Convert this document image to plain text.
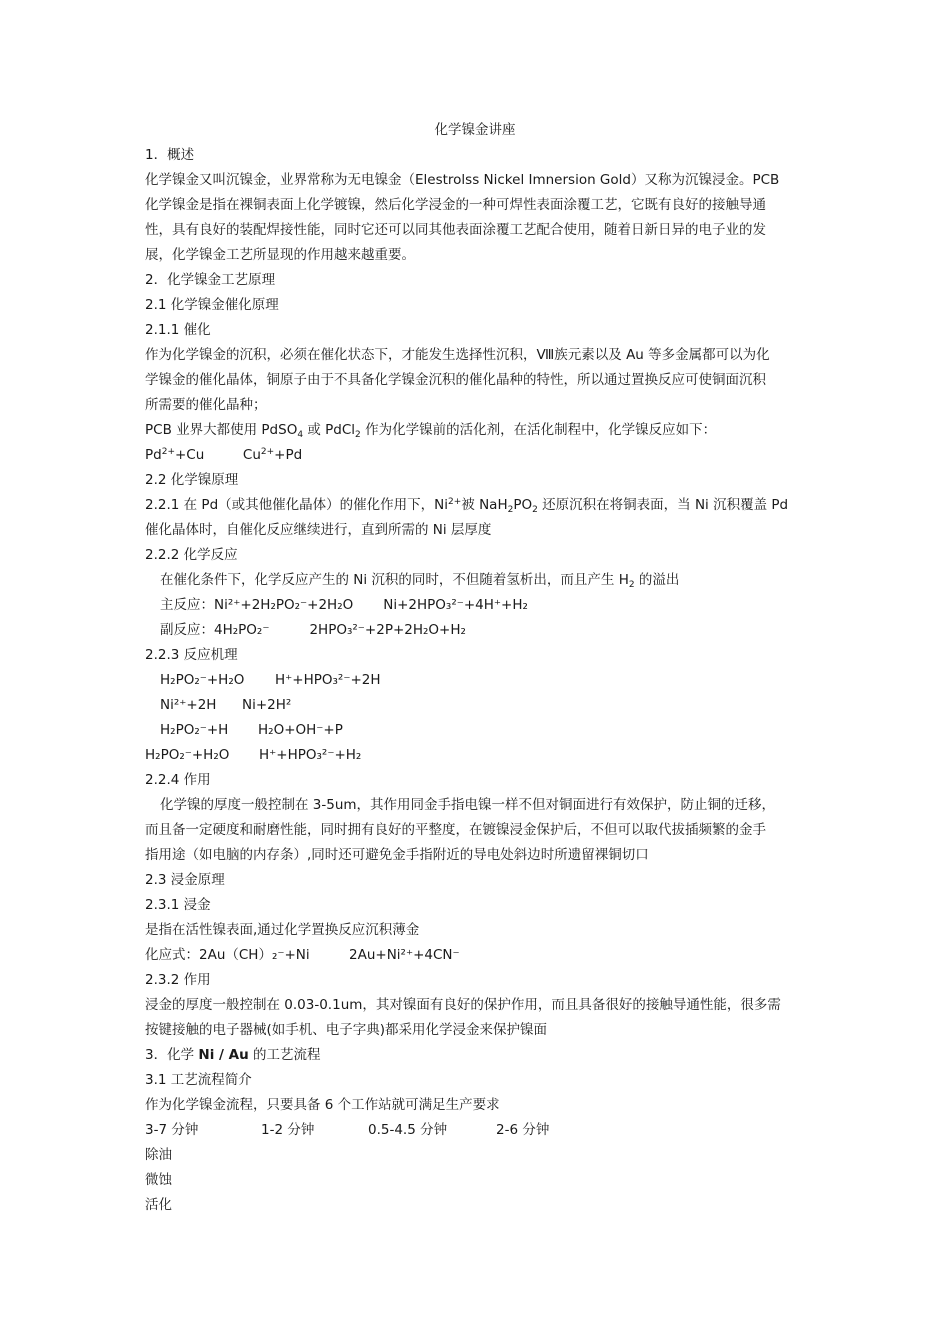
化学镍金讲座
1．概述
化学镍金又叫沉镍金，业界常称为无电镍金（Elestrolss Nickel Imnersion Gold）又称为沉镍浸金。PCB
化学镍金是指在裸铜表面上化学镀镍，然后化学浸金的一种可焊性表面涂覆工艺，它既有良好的接触导通
性，具有良好的装配焊接性能，同时它还可以同其他表面涂覆工艺配合使用，随着日新日异的电子业的发
展，化学镍金工艺所显现的作用越来越重要。
2．化学镍金工艺原理
2.1 化学镍金催化原理
2.1.1 催化
作为化学镍金的沉积，必须在催化状态下，才能发生选择性沉积，Ⅷ族元素以及 Au 等多金属都可以为化
学镍金的催化晶体，铜原子由于不具备化学镍金沉积的催化晶种的特性，所以通过置换反应可使铜面沉积
所需要的催化晶种；
PCB 业界大都使用 PdSO$_4$ 或 PdCl$_2$ 作为化学镍前的活化剂，在活化制程中，化学镍反应如下：
$Pd^{2+}+Cu$	$Cu^{2+}+Pd$
2.2 化学镍原理
2.2.1 在 Pd（或其他催化晶体）的催化作用下，$Ni^{2+}$被 $NaH_2PO_2$ 还原沉积在将铜表面，当 Ni 沉积覆盖 Pd
催化晶体时，自催化反应继续进行，直到所需的 Ni 层厚度
2.2.2 化学反应
在催化条件下，化学反应产生的 Ni 沉积的同时，不但随着氢析出，而且产生 $H_2$ 的溢出
主反应：Ni²⁺+2H₂PO₂⁻+2H₂O Ni+2HPO₃²⁻+4H⁺+H₂
副反应：4H₂PO₂⁻	2HPO₃²⁻+2P+2H₂O+H₂
2.2.3 反应机理
H₂PO₂⁻+H₂O H⁺+HPO₃²⁻+2H
Ni²⁺+2H Ni+2H²
H₂PO₂⁻+H H₂O+OH⁻+P
H₂PO₂⁻+H₂O H⁺+HPO₃²⁻+H₂
2.2.4 作用
化学镍的厚度一般控制在 3-5um，其作用同金手指电镍一样不但对铜面进行有效保护，防止铜的迁移，
而且备一定硬度和耐磨性能，同时拥有良好的平整度，在镀镍浸金保护后，不但可以取代拔插频繁的金手
指用途（如电脑的内存条）,同时还可避免金手指附近的导电处斜边时所遗留裸铜切口
2.3 浸金原理
2.3.1 浸金
是指在活性镍表面,通过化学置换反应沉积薄金
化应式：2Au（CH）₂⁻+Ni	2Au+Ni²⁺+4CN⁻
2.3.2 作用
浸金的厚度一般控制在 0.03-0.1um，其对镍面有良好的保护作用，而且具备很好的接触导通性能，很多需
按键接触的电子器械(如手机、电子字典)都采用化学浸金来保护镍面
3．化学 Ni / Au 的工艺流程
3.1 工艺流程简介
作为化学镍金流程，只要具备 6 个工作站就可满足生产要求
3-7 分钟	1-2 分钟	0.5-4.5 分钟	2-6 分钟
除油
微蚀
活化
